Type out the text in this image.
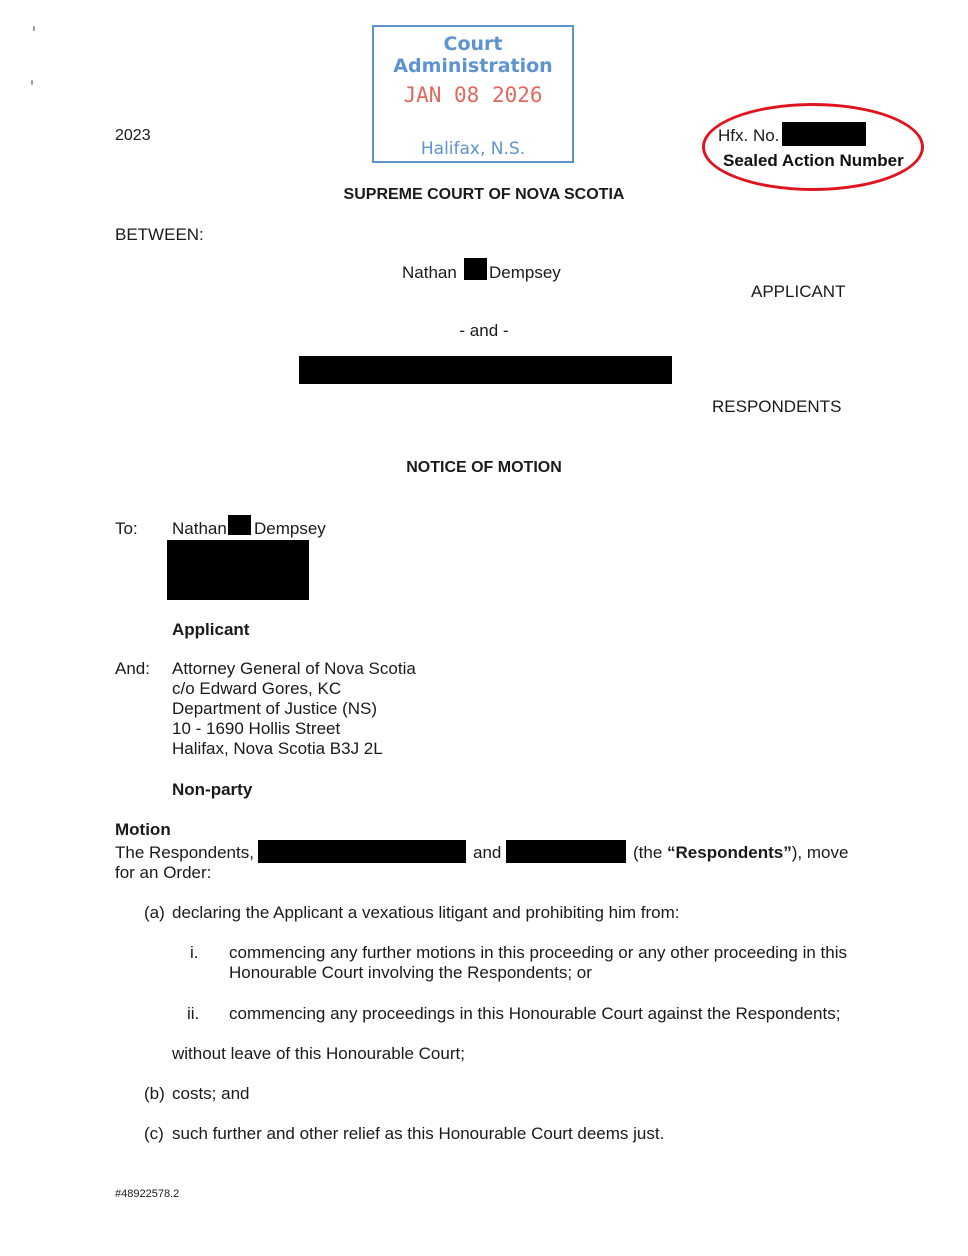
Court Administration
JAN 08 2026
Halifax, N.S.
2023	Hfx. No.
Sealed Action Number
SUPREME COURT OF NOVA SCOTIA
BETWEEN:
Nathan Dempsey
APPLICANT
- and -
RESPONDENTS
NOTICE OF MOTION
To: Nathan Dempsey
Applicant
And: Attorney General of Nova Scotia
c/o Edward Gores, KC
Department of Justice (NS)
10 - 1690 Hollis Street
Halifax, Nova Scotia B3J 2L
Non-party
Motion
The Respondents,	and	(the “Respondents”), move
for an Order:
(a) declaring the Applicant a vexatious litigant and prohibiting him from:
i. commencing any further motions in this proceeding or any other proceeding in this
Honourable Court involving the Respondents; or
ii. commencing any proceedings in this Honourable Court against the Respondents;
without leave of this Honourable Court;
(b) costs; and
(c) such further and other relief as this Honourable Court deems just.
#48922578.2
